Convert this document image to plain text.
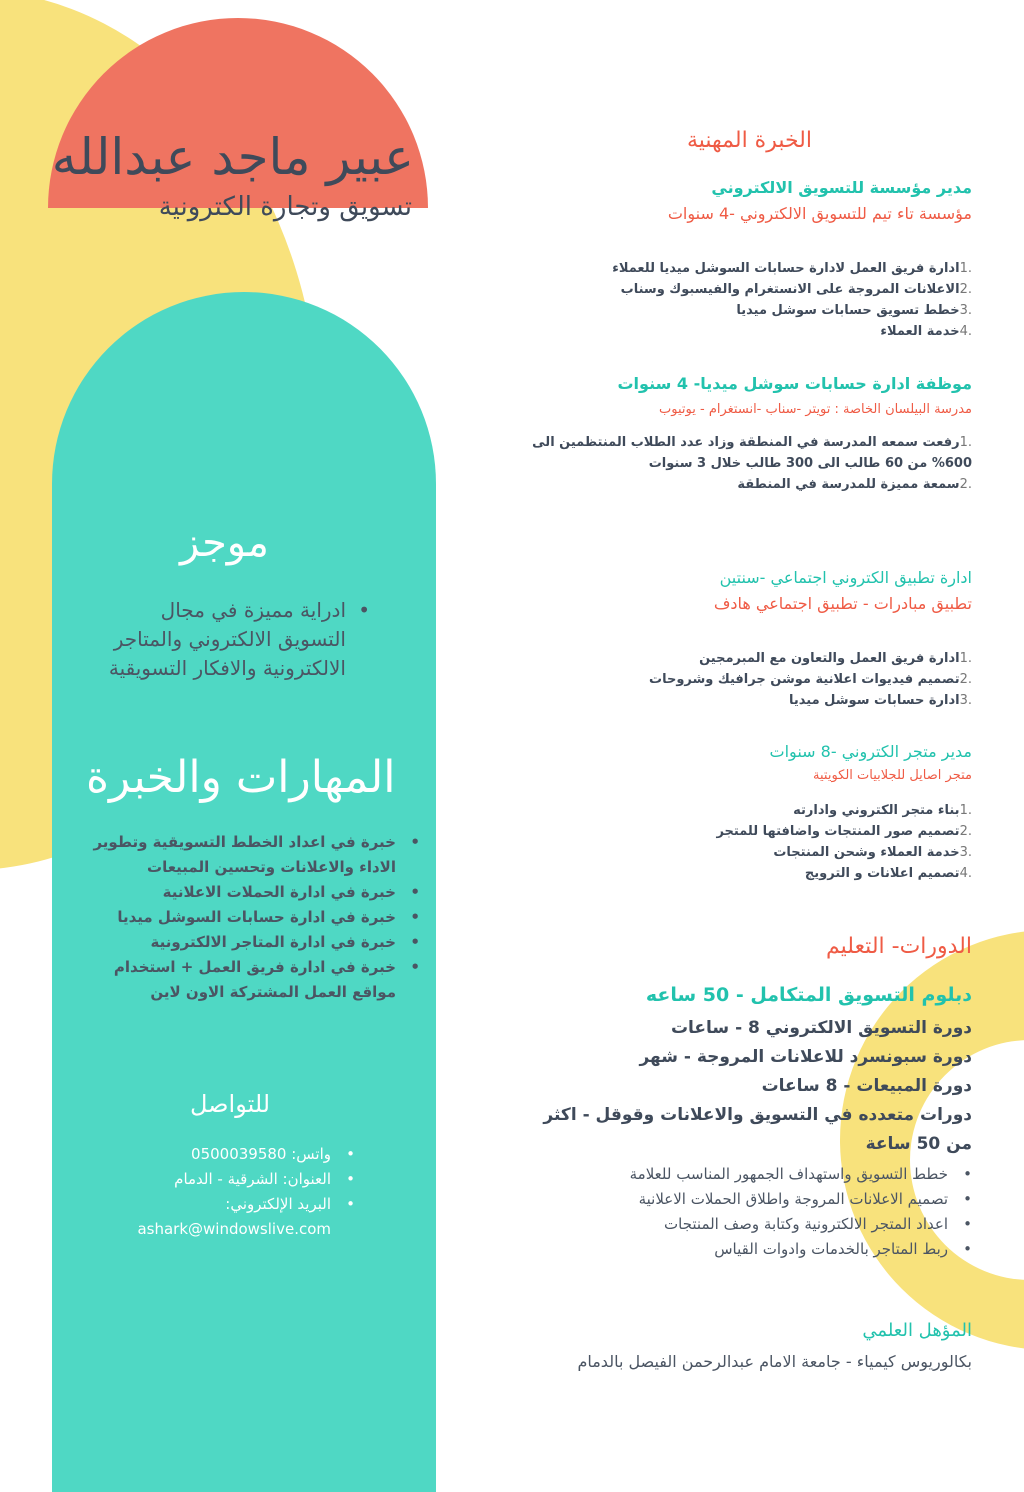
عبير ماجد عبدالله
تسويق وتجارة الكترونية
موجز
• ادراية مميزة في مجال التسويق الالكتروني والمتاجر الالكترونية والافكار التسويقية
المهارات والخبرة
• خبرة في اعداد الخطط التسويقية وتطوير الاداء والاعلانات وتحسين المبيعات
• خبرة في ادارة الحملات الاعلانية
• خبرة في ادارة حسابات السوشل ميديا
• خبرة في ادارة المتاجر الالكترونية
• خبرة في ادارة فريق العمل + استخدام مواقع العمل المشتركة الاون لاين
للتواصل
• واتس: 0500039580
• العنوان: الشرقية - الدمام
• البريد الإلكتروني: ashark@windowslive.com
الخبرة المهنية
مدير مؤسسة للتسويق الالكتروني
مؤسسة تاء تيم للتسويق الالكتروني -4 سنوات
.1ادارة فريق العمل لادارة حسابات السوشل ميديا للعملاء
.2الاعلانات المروجة على الانستغرام والفيسبوك وسناب
.3خطط تسويق حسابات سوشل ميديا
.4خدمة العملاء
موظفة ادارة حسابات سوشل ميديا- 4 سنوات
مدرسة البيلسان الخاصة : تويتر -سناب -انستغرام - يوتيوب
.1رفعت سمعه المدرسة في المنطقة وزاد عدد الطلاب المنتظمين الى 600% من 60 طالب الى 300 طالب خلال 3 سنوات
.2سمعة مميزة للمدرسة في المنطقة
ادارة تطبيق الكتروني اجتماعي -سنتين
تطبيق مبادرات - تطبيق اجتماعي هادف
.1ادارة فريق العمل والتعاون مع المبرمجين
.2تصميم فيديوات اعلانية موشن جرافيك وشروحات
.3ادارة حسابات سوشل ميديا
مدير متجر الكتروني -8 سنوات
متجر اصايل للجلابيات الكويتية
.1بناء متجر الكتروني وادارته
.2تصميم صور المنتجات واضافتها للمتجر
.3خدمة العملاء وشحن المنتجات
.4تصميم اعلانات و الترويج
الدورات- التعليم
دبلوم التسويق المتكامل - 50 ساعه
دورة التسويق الالكتروني 8 - ساعات
دورة سبونسرد للاعلانات المروجة - شهر
دورة المبيعات - 8 ساعات
دورات متعدده في التسويق والاعلانات وقوقل - اكثر من 50 ساعة
• خطط التسويق واستهداف الجمهور المناسب للعلامة
• تصميم الاعلانات المروجة واطلاق الحملات الاعلانية
• اعداد المتجر الالكترونية وكتابة وصف المنتجات
• ربط المتاجر بالخدمات وادوات القياس
المؤهل العلمي
بكالوريوس كيمياء - جامعة الامام عبدالرحمن الفيصل بالدمام
